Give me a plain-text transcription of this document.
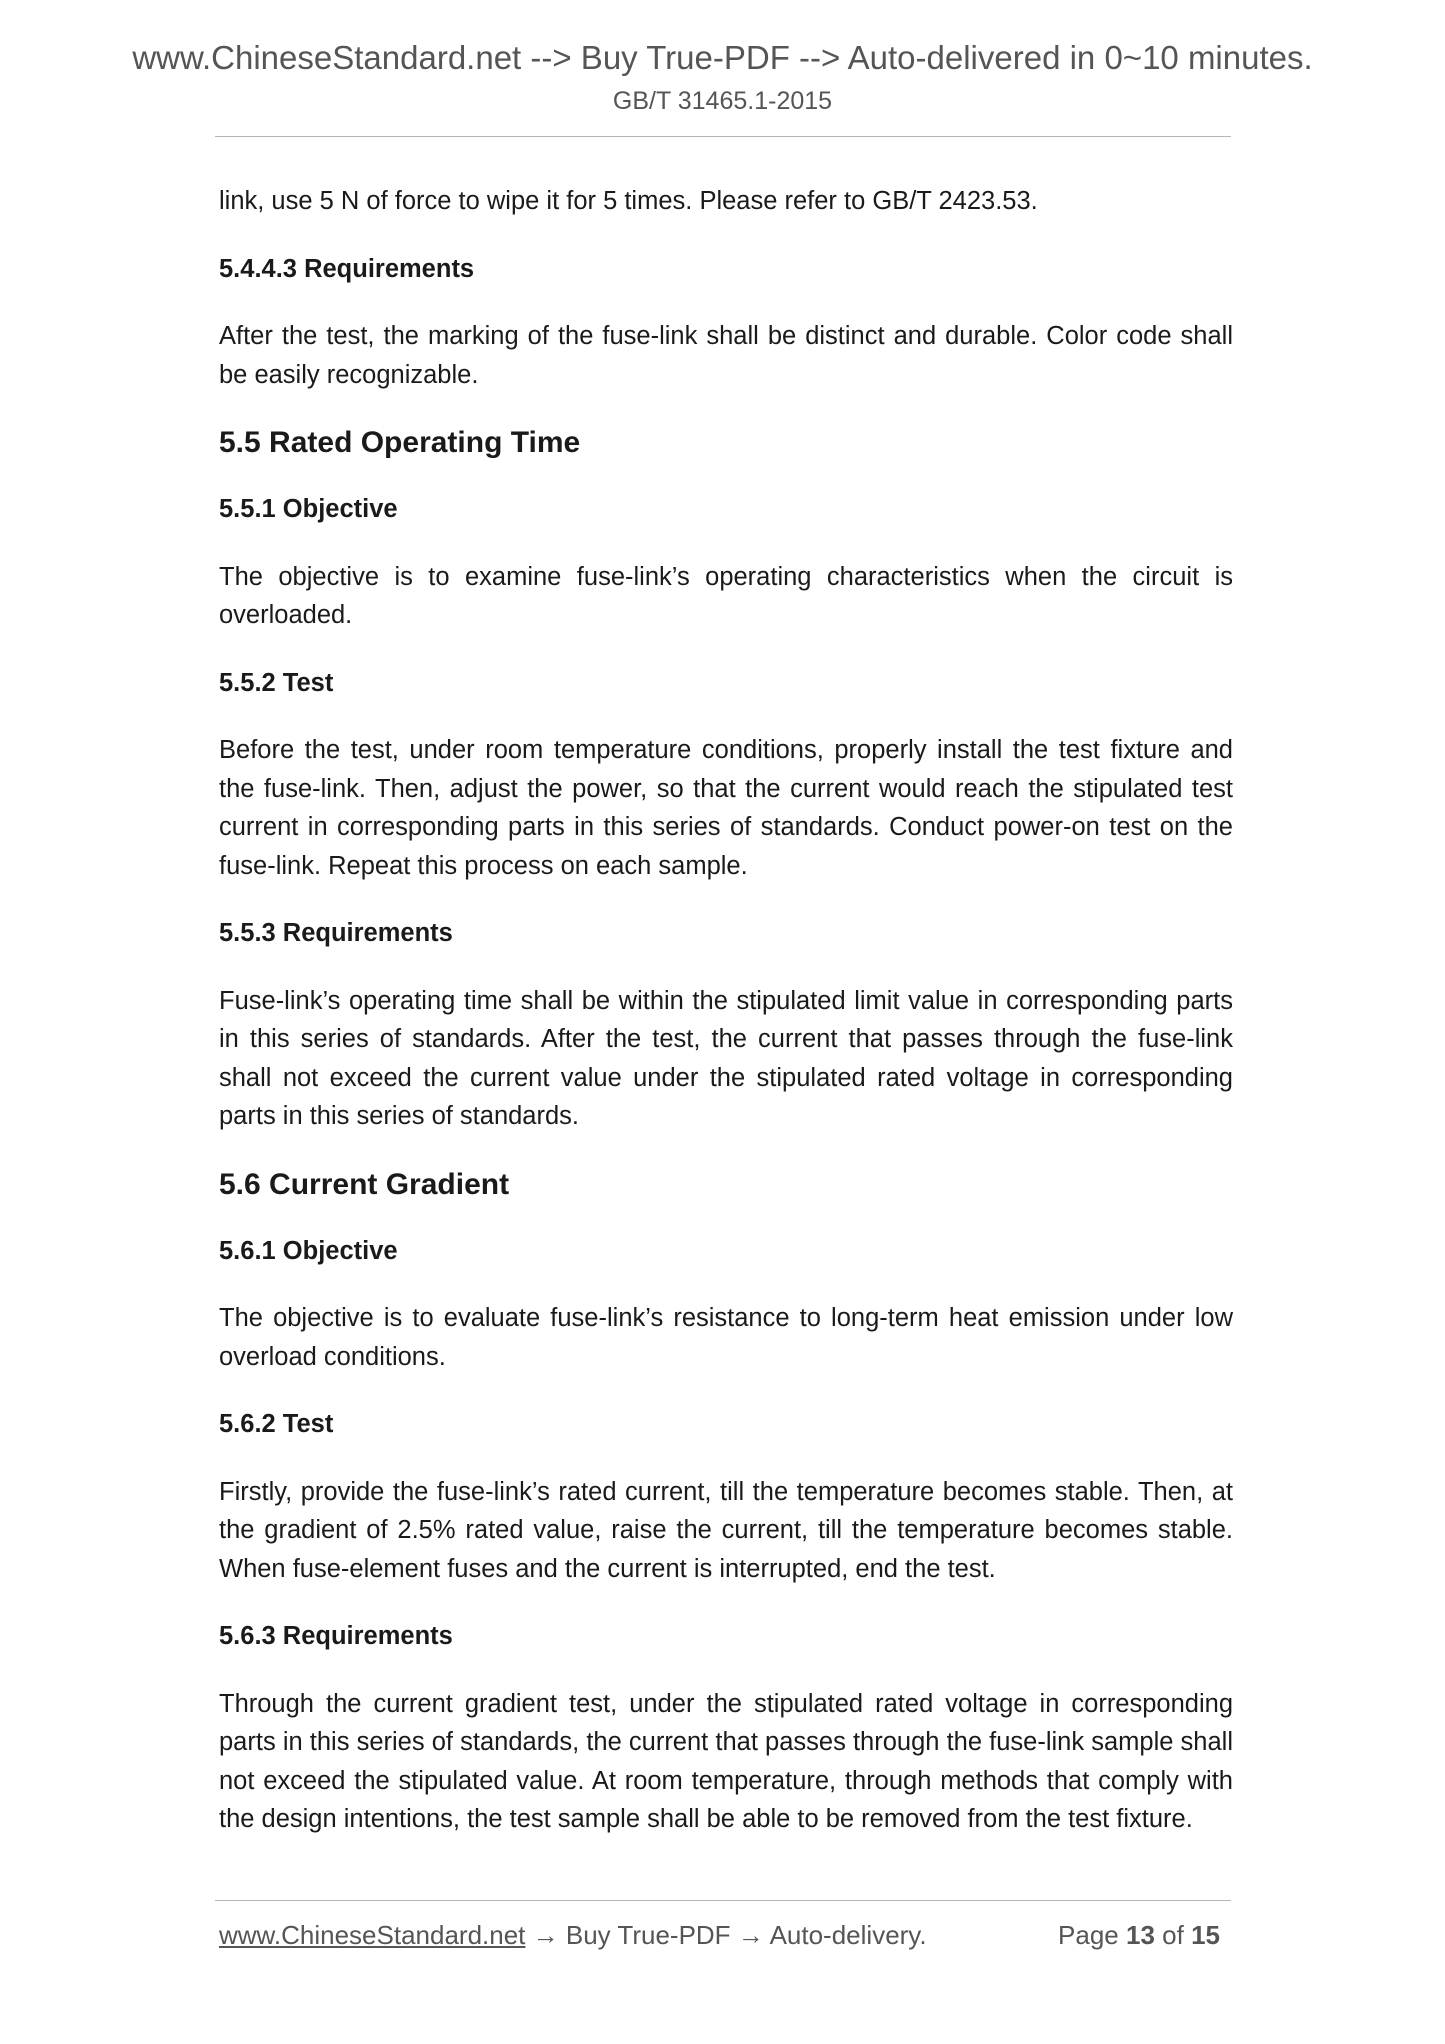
www.ChineseStandard.net --> Buy True-PDF --> Auto-delivered in 0~10 minutes.
GB/T 31465.1-2015

link, use 5 N of force to wipe it for 5 times. Please refer to GB/T 2423.53.

5.4.4.3 Requirements

After the test, the marking of the fuse-link shall be distinct and durable. Color code shall be easily recognizable.

5.5 Rated Operating Time
5.5.1 Objective

The objective is to examine fuse-link’s operating characteristics when the circuit is overloaded.

5.5.2 Test

Before the test, under room temperature conditions, properly install the test fixture and the fuse-link. Then, adjust the power, so that the current would reach the stipulated test current in corresponding parts in this series of standards. Conduct power-on test on the fuse-link. Repeat this process on each sample.

5.5.3 Requirements

Fuse-link’s operating time shall be within the stipulated limit value in corresponding parts in this series of standards. After the test, the current that passes through the fuse-link shall not exceed the current value under the stipulated rated voltage in corresponding parts in this series of standards.

5.6 Current Gradient
5.6.1 Objective

The objective is to evaluate fuse-link’s resistance to long-term heat emission under low overload conditions.

5.6.2 Test

Firstly, provide the fuse-link’s rated current, till the temperature becomes stable. Then, at the gradient of 2.5% rated value, raise the current, till the temperature becomes stable. When fuse-element fuses and the current is interrupted, end the test.

5.6.3 Requirements

Through the current gradient test, under the stipulated rated voltage in corresponding parts in this series of standards, the current that passes through the fuse-link sample shall not exceed the stipulated value. At room temperature, through methods that comply with the design intentions, the test sample shall be able to be removed from the test fixture.

www.ChineseStandard.net → Buy True-PDF → Auto-delivery.	Page 13 of 15
